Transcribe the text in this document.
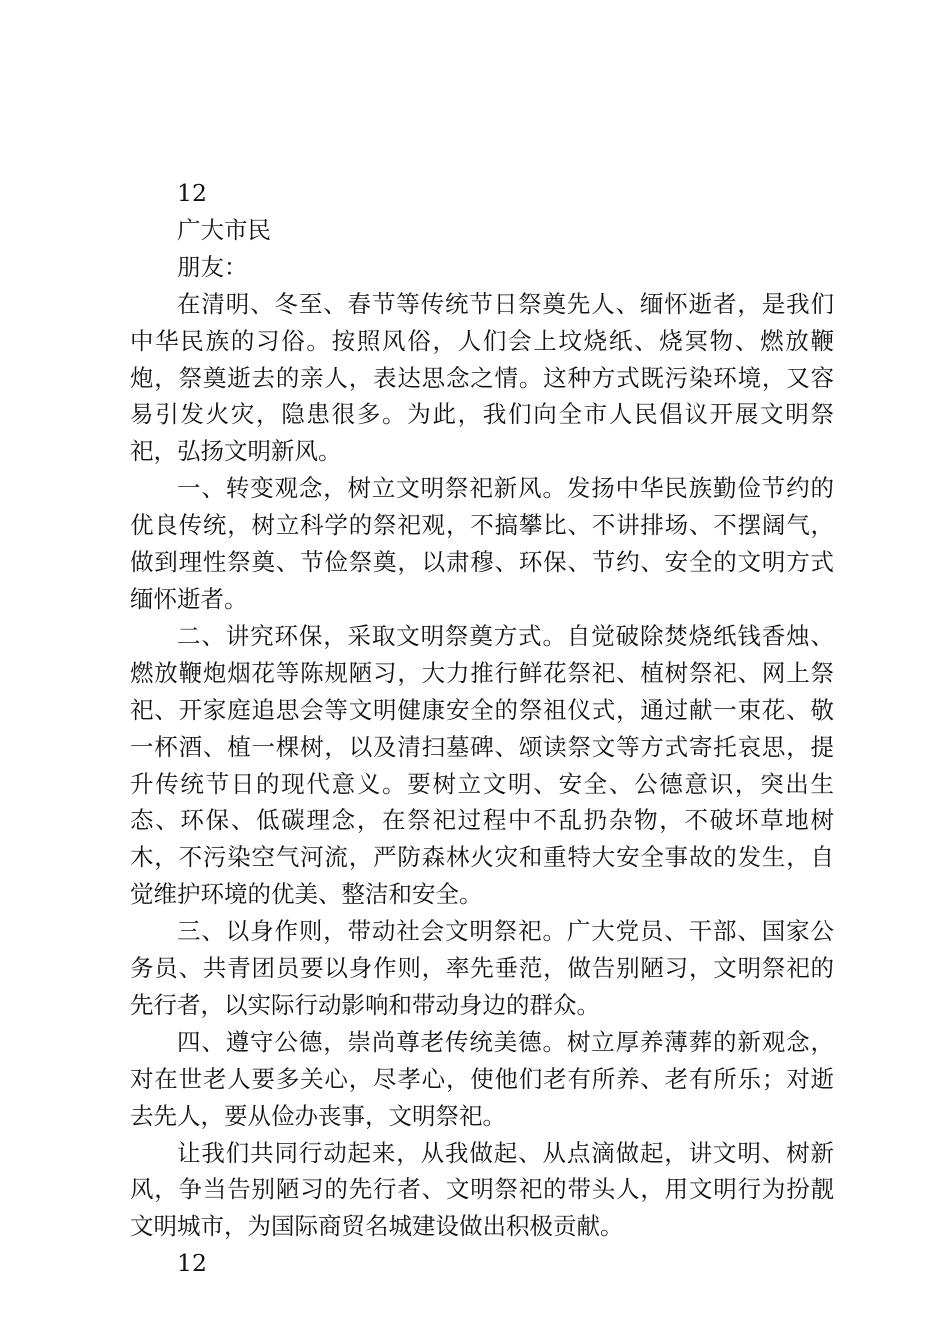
12
广大市民
朋友：

在清明、冬至、春节等传统节日祭奠先人、缅怀逝者，是我们中华民族的习俗。按照风俗，人们会上坟烧纸、烧冥物、燃放鞭炮，祭奠逝去的亲人，表达思念之情。这种方式既污染环境，又容易引发火灾，隐患很多。为此，我们向全市人民倡议开展文明祭祀，弘扬文明新风。

一、转变观念，树立文明祭祀新风。发扬中华民族勤俭节约的优良传统，树立科学的祭祀观，不搞攀比、不讲排场、不摆阔气，做到理性祭奠、节俭祭奠，以肃穆、环保、节约、安全的文明方式缅怀逝者。

二、讲究环保，采取文明祭奠方式。自觉破除焚烧纸钱香烛、燃放鞭炮烟花等陈规陋习，大力推行鲜花祭祀、植树祭祀、网上祭祀、开家庭追思会等文明健康安全的祭祖仪式，通过献一束花、敬一杯酒、植一棵树，以及清扫墓碑、颂读祭文等方式寄托哀思，提升传统节日的现代意义。要树立文明、安全、公德意识，突出生态、环保、低碳理念，在祭祀过程中不乱扔杂物，不破坏草地树木，不污染空气河流，严防森林火灾和重特大安全事故的发生，自觉维护环境的优美、整洁和安全。

三、以身作则，带动社会文明祭祀。广大党员、干部、国家公务员、共青团员要以身作则，率先垂范，做告别陋习，文明祭祀的先行者，以实际行动影响和带动身边的群众。

四、遵守公德，崇尚尊老传统美德。树立厚养薄葬的新观念，对在世老人要多关心，尽孝心，使他们老有所养、老有所乐；对逝去先人，要从俭办丧事，文明祭祀。

让我们共同行动起来，从我做起、从点滴做起，讲文明、树新风，争当告别陋习的先行者、文明祭祀的带头人，用文明行为扮靓文明城市，为国际商贸名城建设做出积极贡献。

12
